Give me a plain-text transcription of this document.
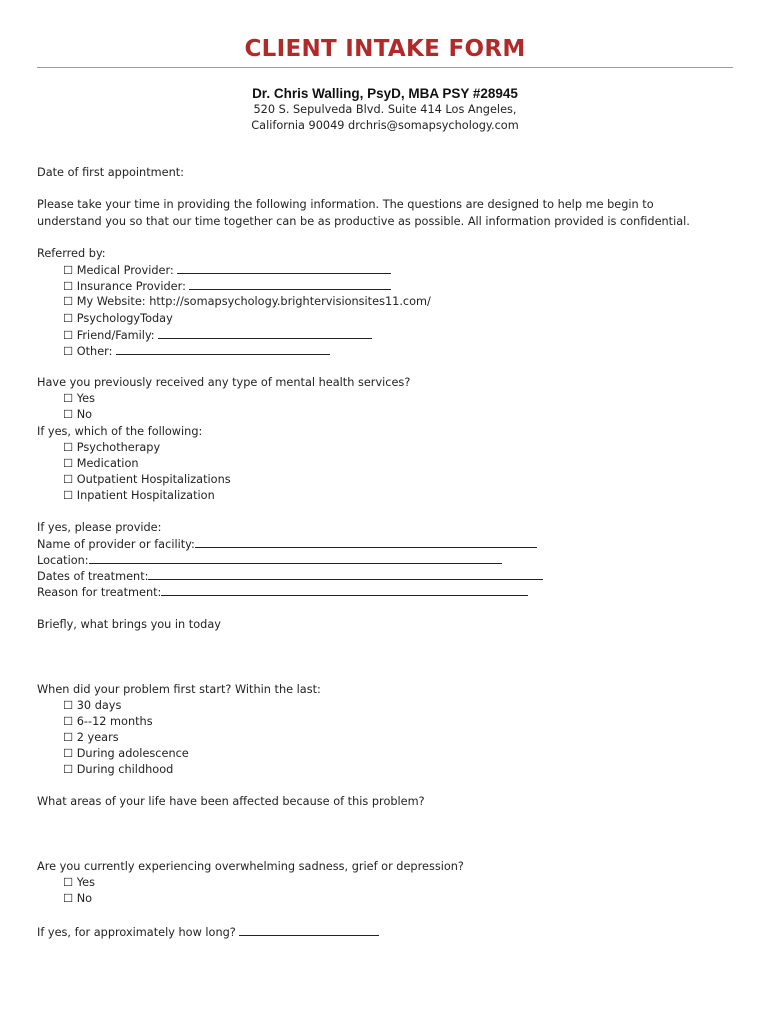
CLIENT INTAKE FORM
Dr. Chris Walling, PsyD, MBA PSY #28945
520 S. Sepulveda Blvd. Suite 414 Los Angeles,
California 90049 drchris@somapsychology.com
Date of first appointment:
Please take your time in providing the following information. The questions are designed to help me begin to
understand you so that our time together can be as productive as possible. All information provided is confidential.
Referred by:
☐ Medical Provider:
☐ Insurance Provider:
☐ My Website: http://somapsychology.brightervisionsites11.com/
☐ PsychologyToday
☐ Friend/Family:
☐ Other:
Have you previously received any type of mental health services?
☐ Yes
☐ No
If yes, which of the following:
☐ Psychotherapy
☐ Medication
☐ Outpatient Hospitalizations
☐ Inpatient Hospitalization
If yes, please provide:
Name of provider or facility:
Location:
Dates of treatment:
Reason for treatment:
Briefly, what brings you in today
When did your problem first start? Within the last:
☐ 30 days
☐ 6--12 months
☐ 2 years
☐ During adolescence
☐ During childhood
What areas of your life have been affected because of this problem?
Are you currently experiencing overwhelming sadness, grief or depression?
☐ Yes
☐ No
If yes, for approximately how long?
